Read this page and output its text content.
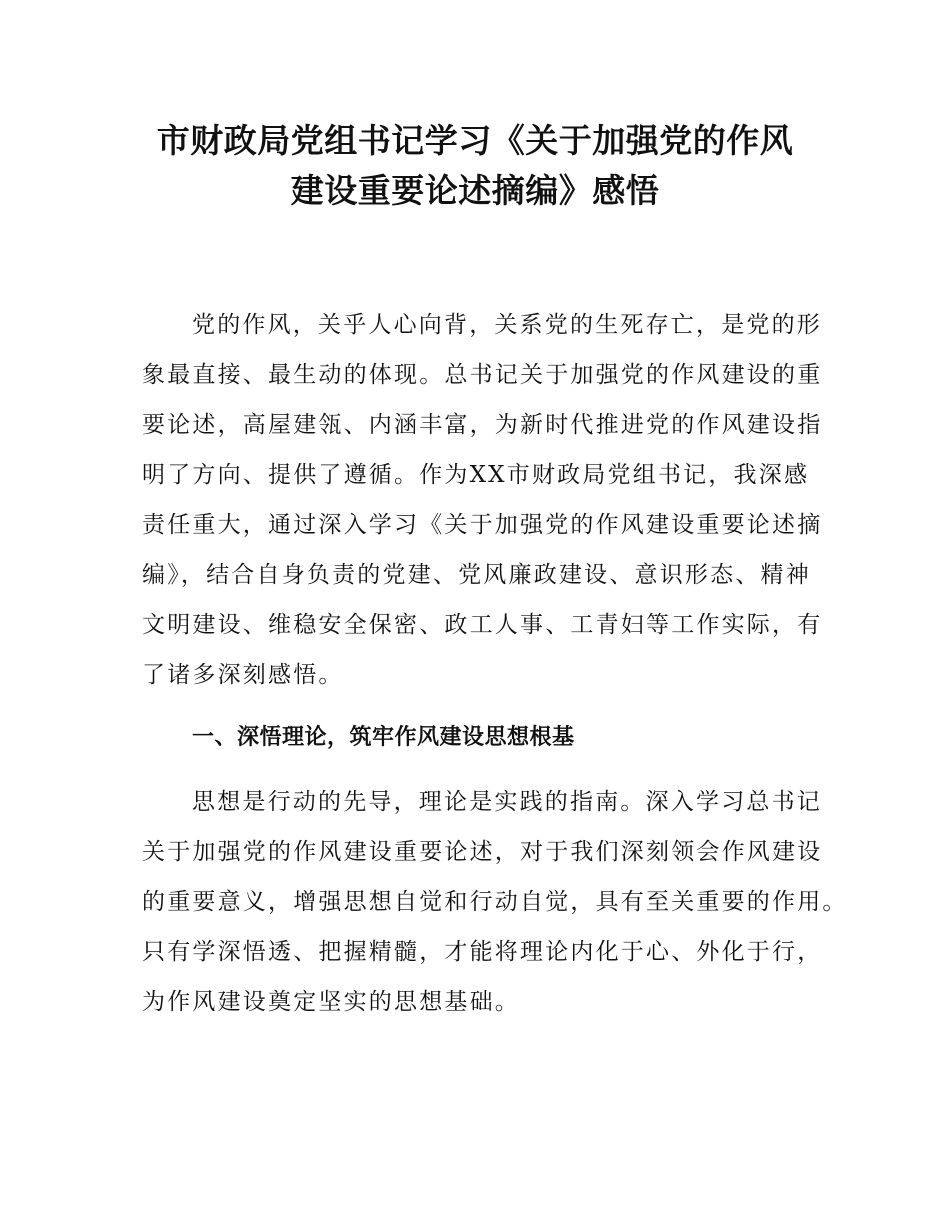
市财政局党组书记学习《关于加强党的作风
建设重要论述摘编》感悟
党的作风，关乎人心向背，关系党的生死存亡，是党的形
象最直接、最生动的体现。总书记关于加强党的作风建设的重
要论述，高屋建瓴、内涵丰富，为新时代推进党的作风建设指
明了方向、提供了遵循。作为XX市财政局党组书记，我深感
责任重大，通过深入学习《关于加强党的作风建设重要论述摘
编》，结合自身负责的党建、党风廉政建设、意识形态、精神
文明建设、维稳安全保密、政工人事、工青妇等工作实际，有
了诸多深刻感悟。
一、深悟理论，筑牢作风建设思想根基
思想是行动的先导，理论是实践的指南。深入学习总书记
关于加强党的作风建设重要论述，对于我们深刻领会作风建设
的重要意义，增强思想自觉和行动自觉，具有至关重要的作用。
只有学深悟透、把握精髓，才能将理论内化于心、外化于行，
为作风建设奠定坚实的思想基础。
